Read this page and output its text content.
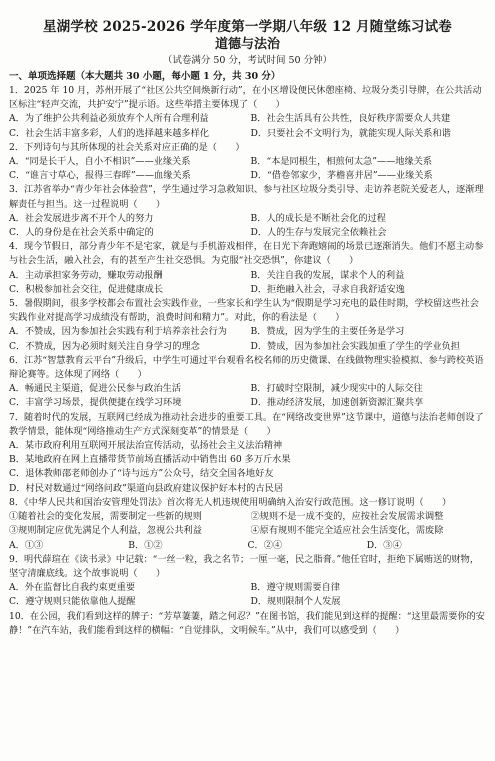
星湖学校 2025-2026 学年度第一学期八年级 12 月随堂练习试卷
道德与法治
（试卷满分 50 分，考试时间 50 分钟）
一、单项选择题（本大题共 30 小题，每小题 1 分，共 30 分）
1．2025 年 10 月，苏州开展了“社区公共空间焕新行动”，在小区增设便民休憩座椅、垃圾分类引导牌，在公共活动区标注“轻声交流，共护安宁”提示语。这些举措主要体现了（　　）
A．为了维护公共利益必须放弃个人所有合理利益	B．社会生活具有公共性，良好秩序需要众人共建
C．社会生活丰富多彩，人们的选择越来越多样化	D．只要社会不文明行为，就能实现人际关系和谐
2．下列诗句与其所体现的社会关系对应正确的是（　　）
A．“同是长干人，自小不相识”——业缘关系	B．“本是同根生，相煎何太急”——地缘关系
C．“谁言寸草心，报得三春晖”——血缘关系	D．“借卷邻家少，茅檐喜并居”——业缘关系
3．江苏省举办“青少年社会体验营”，学生通过学习急救知识、参与社区垃圾分类引导、走访养老院关爱老人，逐渐理解责任与担当。这一过程说明（　　）
A．社会发展进步离不开个人的努力	B．人的成长是不断社会化的过程
C．人的身份是在社会关系中确定的	D．人的生存与发展完全依赖社会
4．现今节假日，部分青少年不是宅家，就是与手机游戏相伴，在日光下奔跑嬉闹的场景已逐渐消失。他们不愿主动参与社会生活，融入社会，有的甚至产生社交恐惧。为克服“社交恐惧”，你建议（　　）
A．主动承担家务劳动，赚取劳动报酬	B．关注自我的发展，谋求个人的利益
C．积极参加社会交往，促进健康成长	D．拒绝融入社会，寻求自我舒适安逸
5．暑假期间，很多学校都会布置社会实践作业，一些家长和学生认为“假期是学习充电的最佳时期，学校留这些社会实践作业对提高学习成绩没有帮助，浪费时间和精力”。对此，你的看法是（　　）
A．不赞成，因为参加社会实践有利于培养亲社会行为	B．赞成，因为学生的主要任务是学习
C．不赞成，因为必须时刻关注自身学习的理念	D．赞成，因为参加社会实践加重了学生的学业负担
6．江苏“智慧教育云平台”升级后，中学生可通过平台观看名校名师的历史微课、在线做物理实验模拟、参与跨校英语辩论赛等。这体现了网络（　　）
A．畅通民主渠道，促进公民参与政治生活	B．打破时空限制，减少现实中的人际交往
C．丰富学习场景，提供便捷在线学习环境	D．推动经济发展，加速创新资源汇聚共享
7．随着时代的发展，互联网已经成为推动社会进步的重要工具。在“网络改变世界”这节课中，道德与法治老师创设了教学情景，能体现“网络推动生产方式深刻变革”的情景是（　　）
A．某市政府利用互联网开展法治宣传活动，弘扬社会主义法治精神
B．某地政府在网上直播带货节前场直播活动中销售出 60 多万斤水果
C．退休教师邵老师创办了“诗与远方”公众号，结交全国各地好友
D．村民对数通过“网络问政”渠道向县政府建议保护好本村的古民居
8．《中华人民共和国治安管理处罚法》首次将无人机违规使用明确纳入治安行政范围。这一修订说明（　　）
①随着社会的变化发展，需要制定一些新的规则	②规则不是一成不变的，应按社会发展需求调整
③规则制定应优先满足个人利益，忽视公共利益	④原有规则不能完全适应社会生活变化，需废除
A．①③	B．①②	C．②④	D．③④
9．明代薛瑄在《读书录》中记载：“一丝一粒，我之名节；一厘一毫，民之脂膏。”他任官时，拒绝下属贿送的财物，坚守清廉底线。这个故事说明（　　）
A．外在监督比自我约束更重要	B．遵守规则需要自律
C．遵守规则只能依靠他人提醒	D．规则限制个人发展
10．在公园，我们看到这样的牌子：“芳草萋萋，踏之何忍？”在图书馆，我们能见到这样的提醒：“这里最需要你的安静！”在汽车站，我们能看到这样的横幅：“自觉排队，文明候车。”从中，我们可以感受到（　　）
